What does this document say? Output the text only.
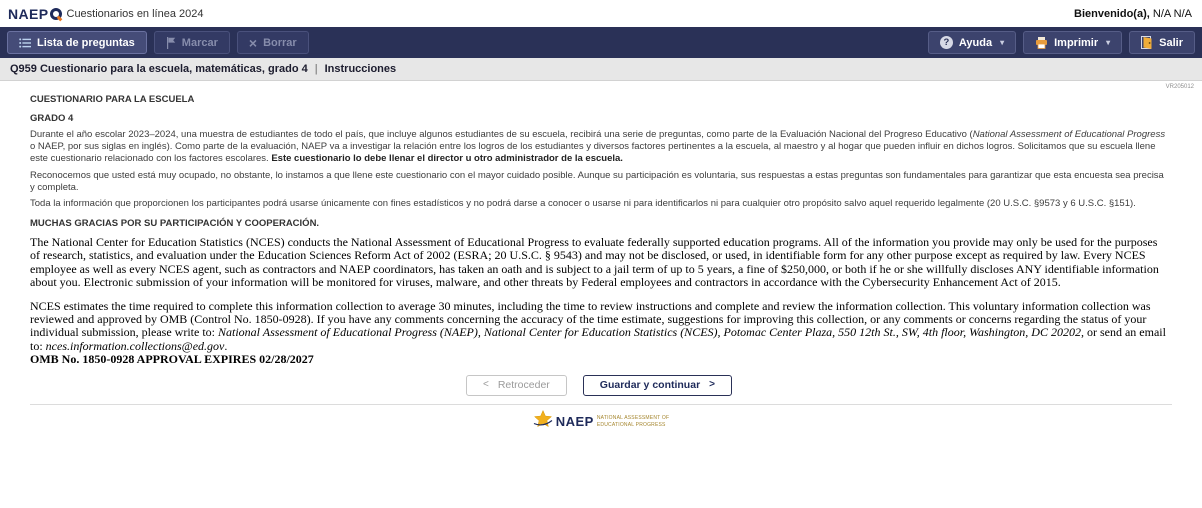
NAEP Cuestionarios en línea 2024	Bienvenido(a), N/A N/A
Lista de preguntas	Marcar × Borrar	? Ayuda ▾	Imprimir ▾	Salir
Q959 Cuestionario para la escuela, matemáticas, grado 4 | Instrucciones
VR205012
CUESTIONARIO PARA LA ESCUELA
GRADO 4

Durante el año escolar 2023–2024, una muestra de estudiantes de todo el país, que incluye algunos estudiantes de su escuela, recibirá una serie de preguntas, como parte de la Evaluación Nacional del Progreso Educativo (National Assessment of Educational Progress o NAEP, por sus siglas en inglés). Como parte de la evaluación, NAEP va a investigar la relación entre los logros de los estudiantes y diversos factores pertinentes a la escuela, al maestro y al hogar que pueden influir en dichos logros. Solicitamos que su escuela llene este cuestionario relacionado con los factores escolares. Este cuestionario lo debe llenar el director u otro administrador de la escuela.

Reconocemos que usted está muy ocupado, no obstante, lo instamos a que llene este cuestionario con el mayor cuidado posible. Aunque su participación es voluntaria, sus respuestas a estas preguntas son fundamentales para garantizar que esta encuesta sea precisa y completa.

Toda la información que proporcionen los participantes podrá usarse únicamente con fines estadísticos y no podrá darse a conocer o usarse ni para identificarlos ni para cualquier otro propósito salvo aquel requerido legalmente (20 U.S.C. §9573 y 6 U.S.C. §151).

MUCHAS GRACIAS POR SU PARTICIPACIÓN Y COOPERACIÓN.

The National Center for Education Statistics (NCES) conducts the National Assessment of Educational Progress to evaluate federally supported education programs. All of the information you provide may only be used for the purposes of research, statistics, and evaluation under the Education Sciences Reform Act of 2002 (ESRA; 20 U.S.C. § 9543) and may not be disclosed, or used, in identifiable form for any other purpose except as required by law. Every NCES employee as well as every NCES agent, such as contractors and NAEP coordinators, has taken an oath and is subject to a jail term of up to 5 years, a fine of $250,000, or both if he or she willfully discloses ANY identifiable information about you. Electronic submission of your information will be monitored for viruses, malware, and other threats by Federal employees and contractors in accordance with the Cybersecurity Enhancement Act of 2015.

NCES estimates the time required to complete this information collection to average 30 minutes, including the time to review instructions and complete and review the information collection. This voluntary information collection was reviewed and approved by OMB (Control No. 1850-0928). If you have any comments concerning the accuracy of the time estimate, suggestions for improving this collection, or any comments or concerns regarding the status of your individual submission, please write to: National Assessment of Educational Progress (NAEP), National Center for Education Statistics (NCES), Potomac Center Plaza, 550 12th St., SW, 4th floor, Washington, DC 20202, or send an email to: nces.information.collections@ed.gov.
OMB No. 1850-0928 APPROVAL EXPIRES 02/28/2027

< Retroceder	Guardar y continuar >
NAEP NATIONAL ASSESSMENT OF
EDUCATIONAL PROGRESS
